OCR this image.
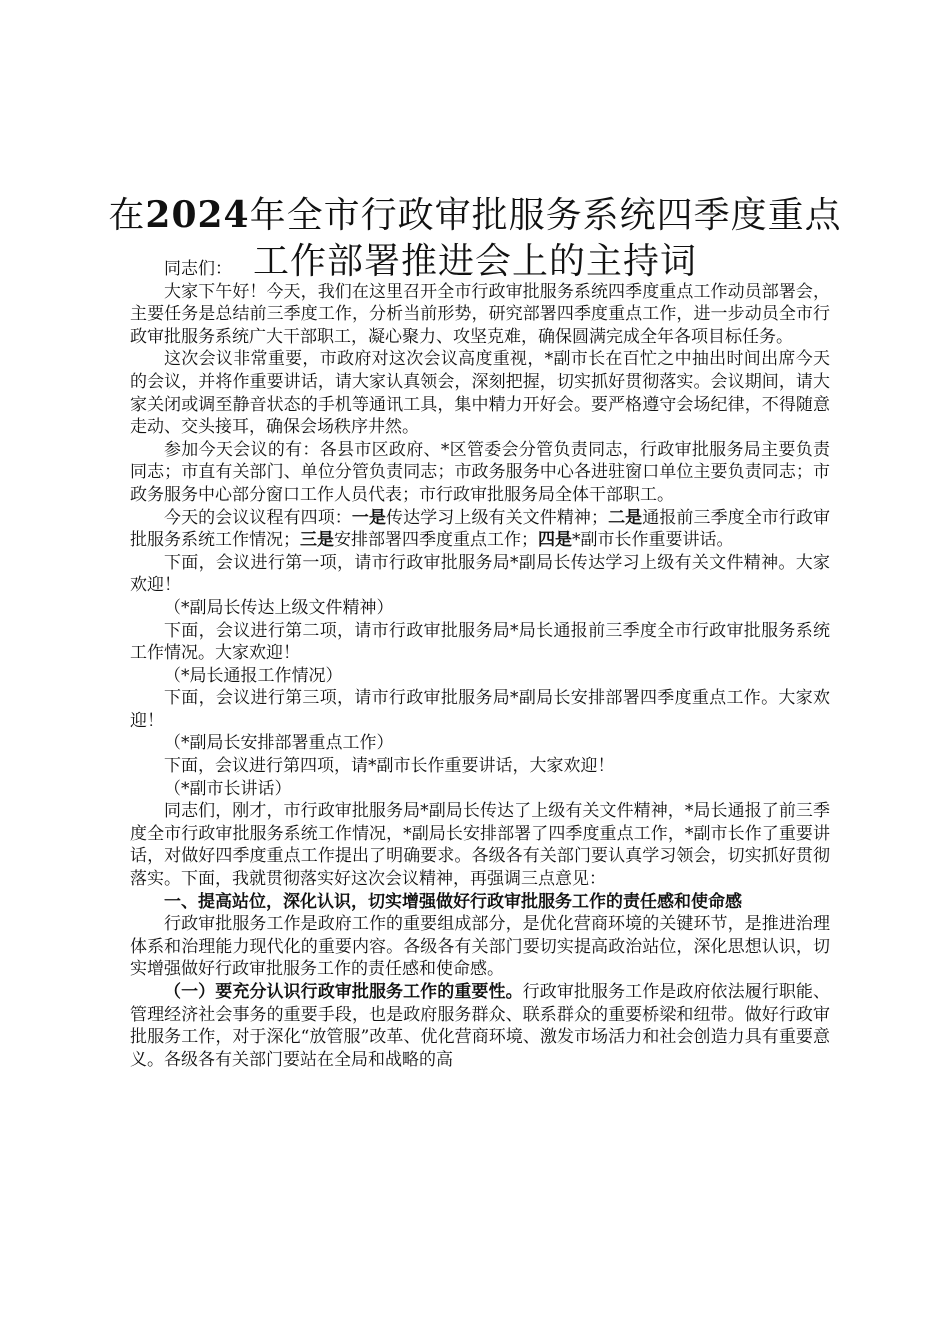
在2024年全市行政审批服务系统四季度重点
工作部署推进会上的主持词

同志们：

大家下午好！今天，我们在这里召开全市行政审批服务系统四季度重点工作动员部署会，主要任务是总结前三季度工作，分析当前形势，研究部署四季度重点工作，进一步动员全市行政审批服务系统广大干部职工，凝心聚力、攻坚克难，确保圆满完成全年各项目标任务。

这次会议非常重要，市政府对这次会议高度重视，*副市长在百忙之中抽出时间出席今天的会议，并将作重要讲话，请大家认真领会，深刻把握，切实抓好贯彻落实。会议期间，请大家关闭或调至静音状态的手机等通讯工具，集中精力开好会。要严格遵守会场纪律，不得随意走动、交头接耳，确保会场秩序井然。

参加今天会议的有：各县市区政府、*区管委会分管负责同志，行政审批服务局主要负责同志；市直有关部门、单位分管负责同志；市政务服务中心各进驻窗口单位主要负责同志；市政务服务中心部分窗口工作人员代表；市行政审批服务局全体干部职工。

今天的会议议程有四项：一是传达学习上级有关文件精神；二是通报前三季度全市行政审批服务系统工作情况；三是安排部署四季度重点工作；四是*副市长作重要讲话。

下面，会议进行第一项，请市行政审批服务局*副局长传达学习上级有关文件精神。大家欢迎！

（*副局长传达上级文件精神）

下面，会议进行第二项，请市行政审批服务局*局长通报前三季度全市行政审批服务系统工作情况。大家欢迎！

（*局长通报工作情况）

下面，会议进行第三项，请市行政审批服务局*副局长安排部署四季度重点工作。大家欢迎！

（*副局长安排部署重点工作）

下面，会议进行第四项，请*副市长作重要讲话，大家欢迎！

（*副市长讲话）

同志们，刚才，市行政审批服务局*副局长传达了上级有关文件精神，*局长通报了前三季度全市行政审批服务系统工作情况，*副局长安排部署了四季度重点工作，*副市长作了重要讲话，对做好四季度重点工作提出了明确要求。各级各有关部门要认真学习领会，切实抓好贯彻落实。下面，我就贯彻落实好这次会议精神，再强调三点意见：

一、提高站位，深化认识，切实增强做好行政审批服务工作的责任感和使命感

行政审批服务工作是政府工作的重要组成部分，是优化营商环境的关键环节，是推进治理体系和治理能力现代化的重要内容。各级各有关部门要切实提高政治站位，深化思想认识，切实增强做好行政审批服务工作的责任感和使命感。

（一）要充分认识行政审批服务工作的重要性。行政审批服务工作是政府依法履行职能、管理经济社会事务的重要手段，也是政府服务群众、联系群众的重要桥梁和纽带。做好行政审批服务工作，对于深化“放管服”改革、优化营商环境、激发市场活力和社会创造力具有重要意义。各级各有关部门要站在全局和战略的高
